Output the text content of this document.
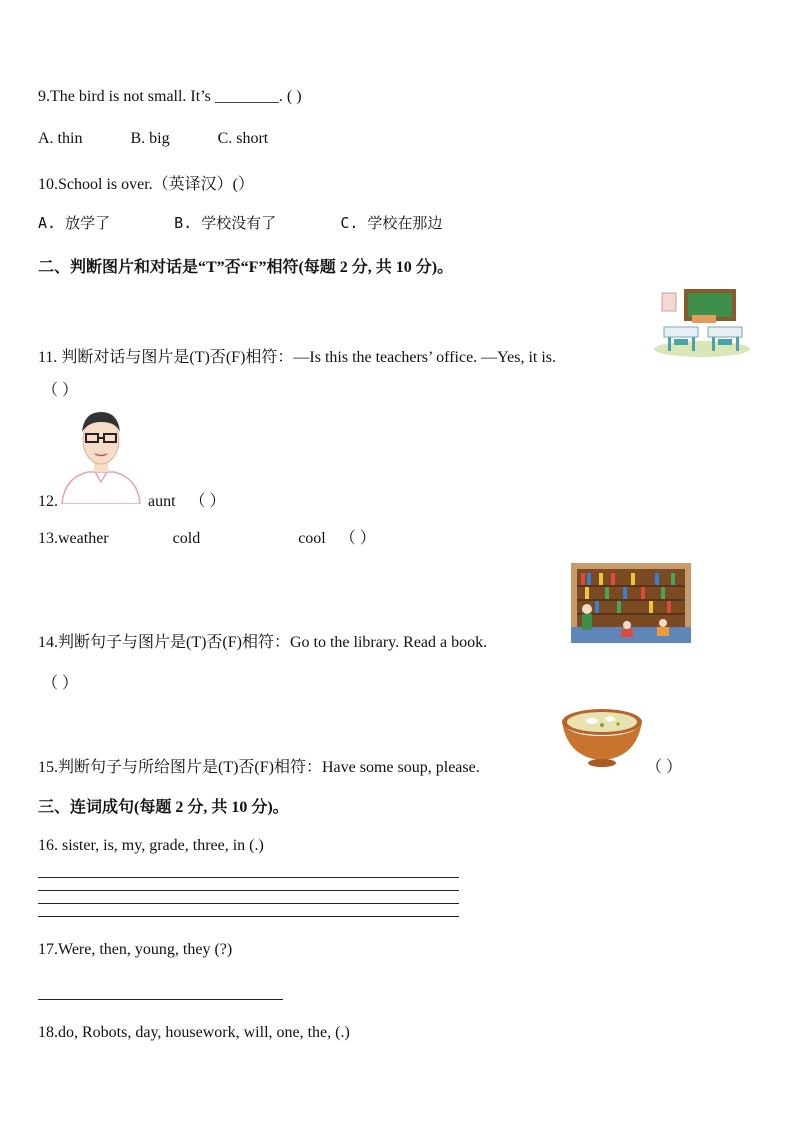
9.The bird is not small. It’s ________. ( )
A. thin	B. big	C. short
10.School is over.（英译汉）(）
A. 放学了	B. 学校没有了	C. 学校在那边
二、判断图片和对话是“T”否“F”相符(每题 2 分, 共 10 分)。
11. 判断对话与图片是(T)否(F)相符：—Is this the teachers’ office. —Yes, it is.
（ ）
12.	aunt （ ）
13.weather	cold	cool （ ）
14.判断句子与图片是(T)否(F)相符：Go to the library. Read a book.
（ ）
15.判断句子与所给图片是(T)否(F)相符：Have some soup, please.	（ ）
三、连词成句(每题 2 分, 共 10 分)。
16. sister, is, my, grade, three, in (.)
17.Were, then, young, they (?)
18.do, Robots, day, housework, will, one, the, (.)
